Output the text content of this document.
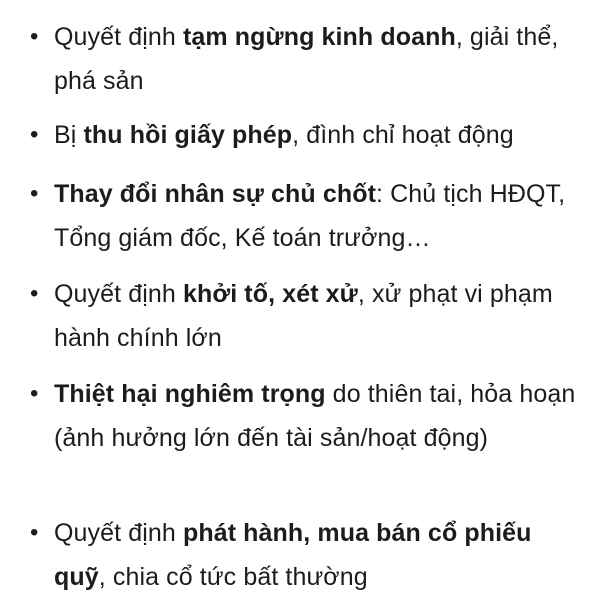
• Quyết định tạm ngừng kinh doanh, giải thể, phá sản
• Bị thu hồi giấy phép, đình chỉ hoạt động
• Thay đổi nhân sự chủ chốt: Chủ tịch HĐQT, Tổng giám đốc, Kế toán trưởng…
• Quyết định khởi tố, xét xử, xử phạt vi phạm hành chính lớn
• Thiệt hại nghiêm trọng do thiên tai, hỏa hoạn (ảnh hưởng lớn đến tài sản/hoạt động)
• Quyết định phát hành, mua bán cổ phiếu quỹ, chia cổ tức bất thường
